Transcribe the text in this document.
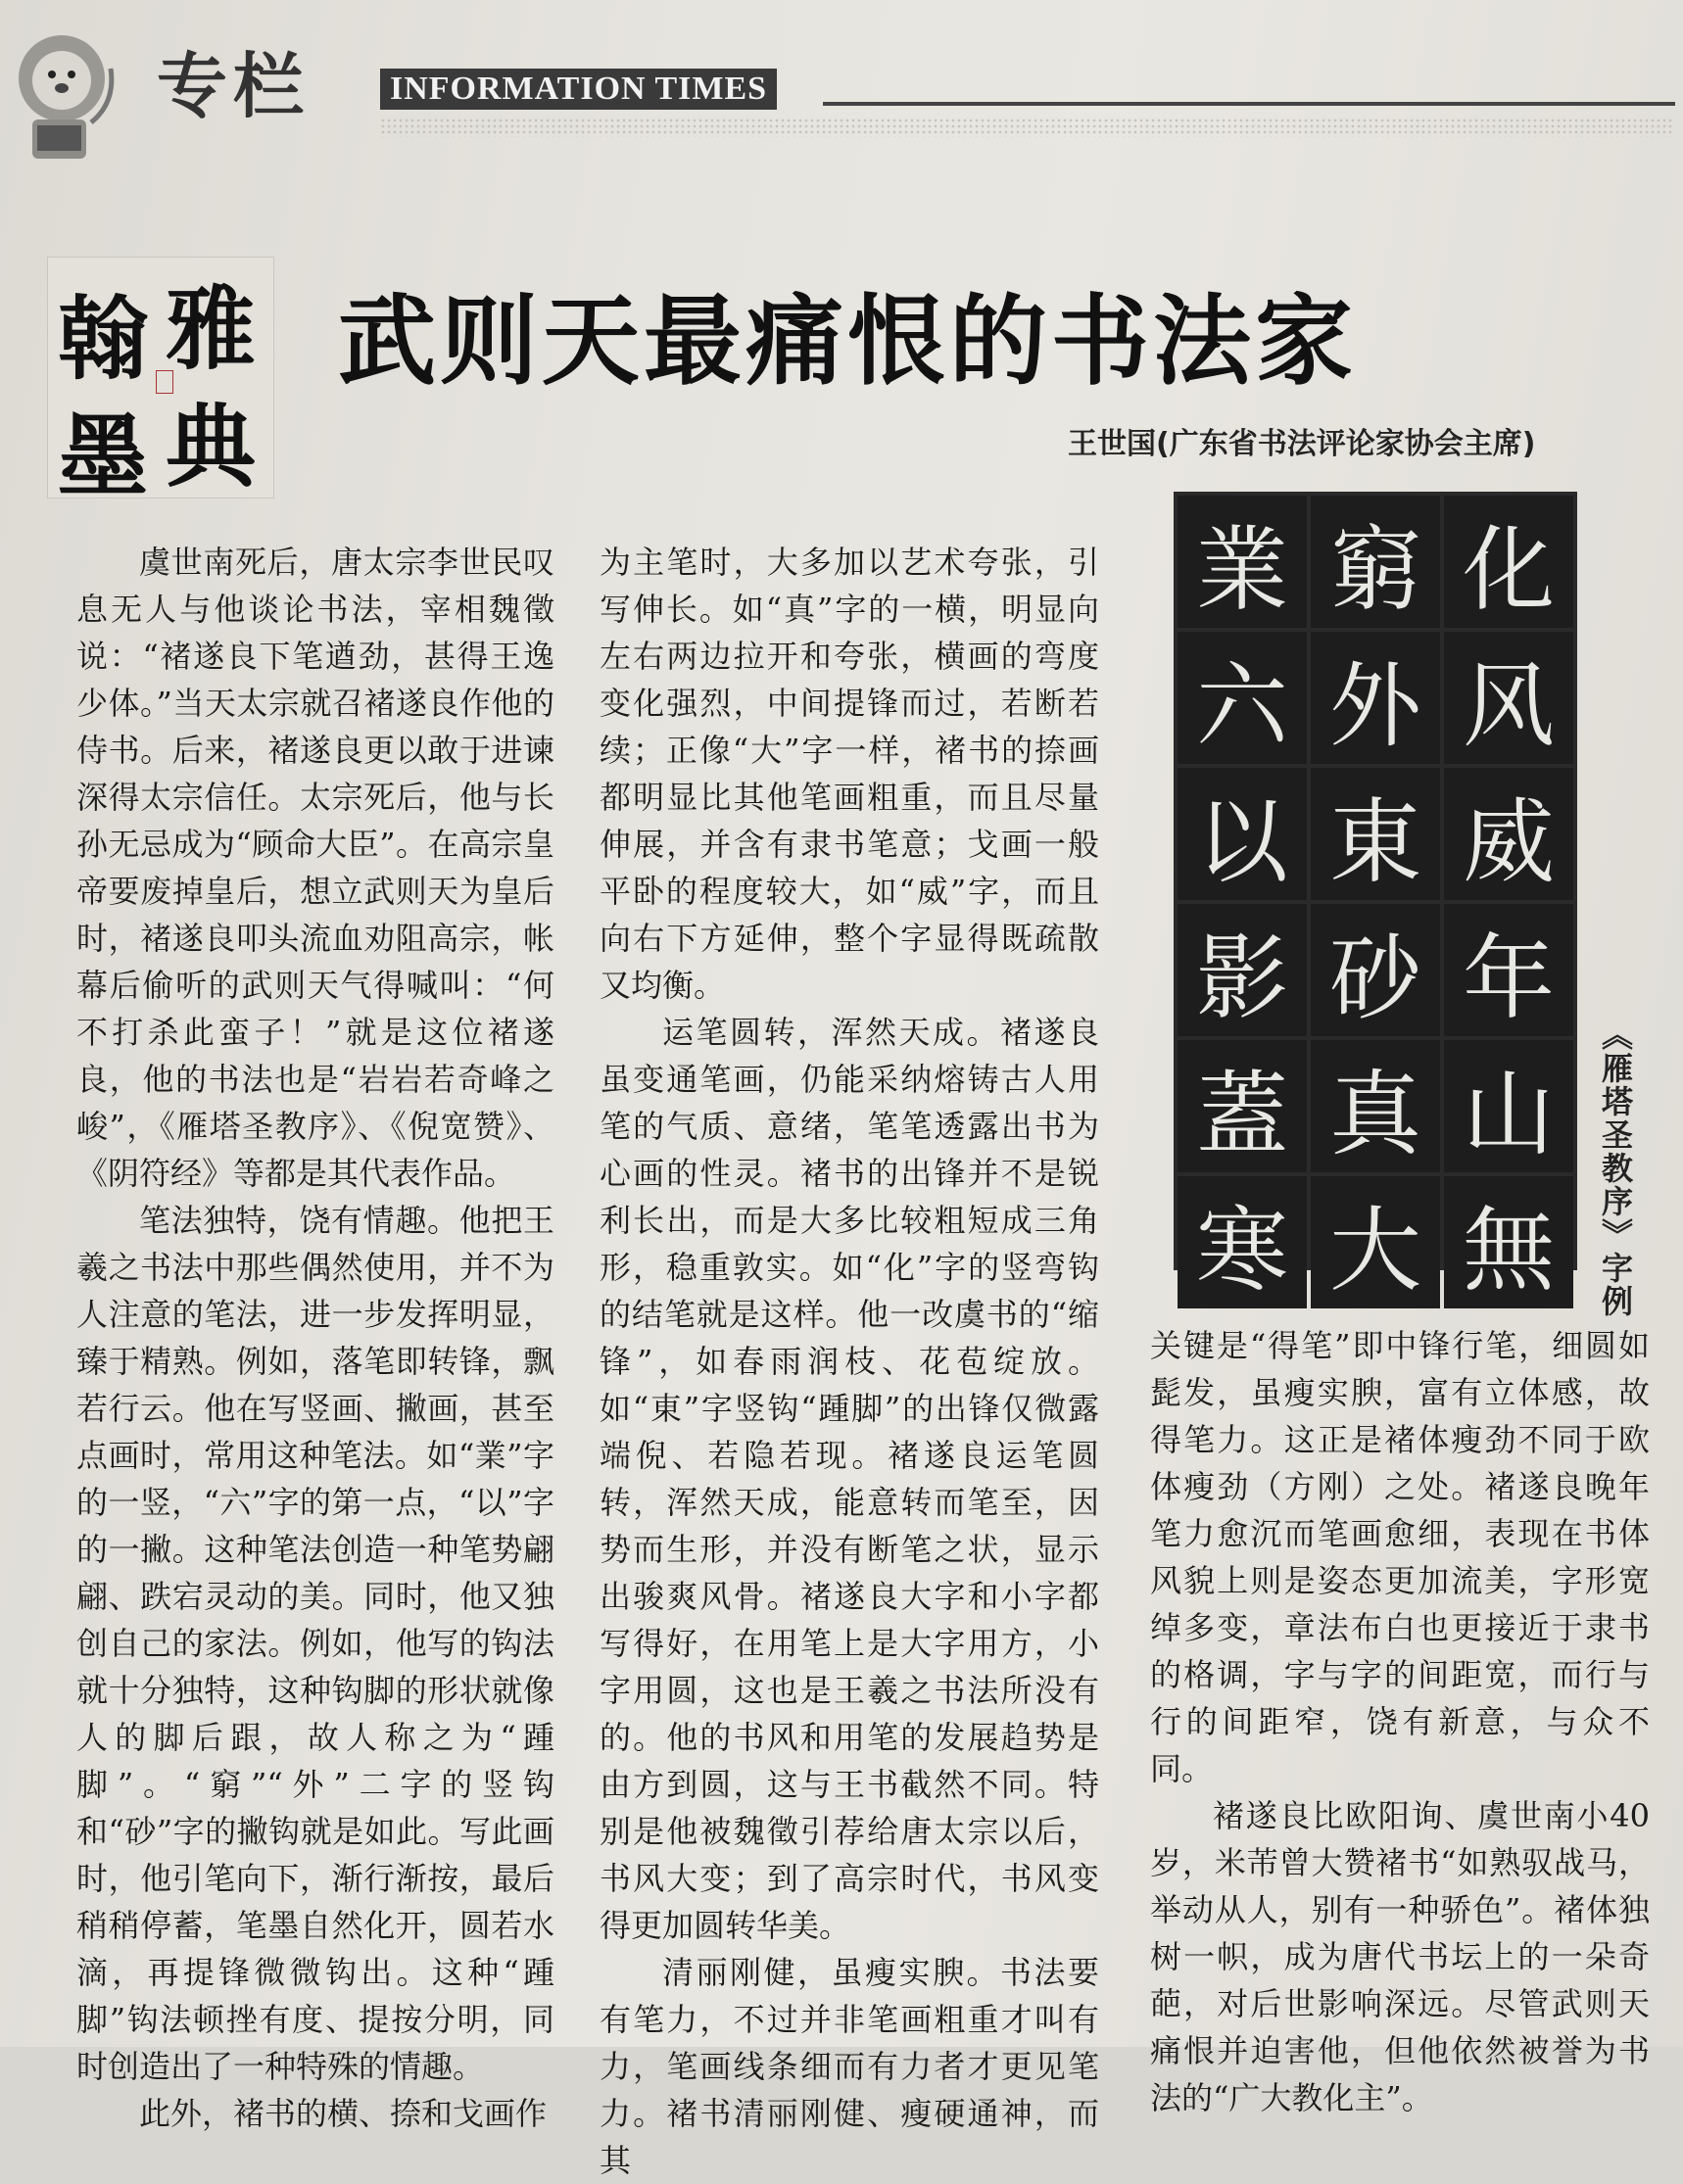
专栏 INFORMATION TIMES
雅
典
翰
墨
武则天最痛恨的书法家
王世国(广东省书法评论家协会主席)

虞世南死后，唐太宗李世民叹息无人与他谈论书法，宰相魏徵说：“褚遂良下笔遒劲，甚得王逸少体。”当天太宗就召褚遂良作他的侍书。后来，褚遂良更以敢于进谏深得太宗信任。太宗死后，他与长孙无忌成为“顾命大臣”。在高宗皇帝要废掉皇后，想立武则天为皇后时，褚遂良叩头流血劝阻高宗，帐幕后偷听的武则天气得喊叫：“何不打杀此蛮子！”就是这位褚遂良，他的书法也是“岩岩若奇峰之峻”，《雁塔圣教序》、《倪宽赞》、《阴符经》等都是其代表作品。

笔法独特，饶有情趣。他把王羲之书法中那些偶然使用，并不为人注意的笔法，进一步发挥明显，臻于精熟。例如，落笔即转锋，飘若行云。他在写竖画、撇画，甚至点画时，常用这种笔法。如“業”字的一竖，“六”字的第一点，“以”字的一撇。这种笔法创造一种笔势翩翩、跌宕灵动的美。同时，他又独创自己的家法。例如，他写的钩法就十分独特，这种钩脚的形状就像人的脚后跟，故人称之为“踵脚”。“窮”“外”二字的竖钩和“砂”字的撇钩就是如此。写此画时，他引笔向下，渐行渐按，最后稍稍停蓄，笔墨自然化开，圆若水滴，再提锋微微钩出。这种“踵脚”钩法顿挫有度、提按分明，同时创造出了一种特殊的情趣。

此外，褚书的横、捺和戈画作

为主笔时，大多加以艺术夸张，引写伸长。如“真”字的一横，明显向左右两边拉开和夸张，横画的弯度变化强烈，中间提锋而过，若断若续；正像“大”字一样，褚书的捺画都明显比其他笔画粗重，而且尽量伸展，并含有隶书笔意；戈画一般平卧的程度较大，如“威”字，而且向右下方延伸，整个字显得既疏散又均衡。

运笔圆转，浑然天成。褚遂良虽变通笔画，仍能采纳熔铸古人用笔的气质、意绪，笔笔透露出书为心画的性灵。褚书的出锋并不是锐利长出，而是大多比较粗短成三角形，稳重敦实。如“化”字的竖弯钩的结笔就是这样。他一改虞书的“缩锋”，如春雨润枝、花苞绽放。如“東”字竖钩“踵脚”的出锋仅微露端倪、若隐若现。褚遂良运笔圆转，浑然天成，能意转而笔至，因势而生形，并没有断笔之状，显示出骏爽风骨。褚遂良大字和小字都写得好，在用笔上是大字用方，小字用圆，这也是王羲之书法所没有的。他的书风和用笔的发展趋势是由方到圆，这与王书截然不同。特别是他被魏徵引荐给唐太宗以后，书风大变；到了高宗时代，书风变得更加圆转华美。

清丽刚健，虽瘦实腴。书法要有笔力，不过并非笔画粗重才叫有力，笔画线条细而有力者才更见笔力。褚书清丽刚健、瘦硬通神，而其

業 窮 化
六 外 风
以 東 威
影 砂 年
蓋 真 山
寒 大 無	《雁塔圣教序》字例

关键是“得笔”即中锋行笔，细圆如髭发，虽瘦实腴，富有立体感，故得笔力。这正是褚体瘦劲不同于欧体瘦劲（方刚）之处。褚遂良晚年笔力愈沉而笔画愈细，表现在书体风貌上则是姿态更加流美，字形宽绰多变，章法布白也更接近于隶书的格调，字与字的间距宽，而行与行的间距窄，饶有新意，与众不同。

褚遂良比欧阳询、虞世南小40岁，米芾曾大赞褚书“如熟驭战马，举动从人，别有一种骄色”。褚体独树一帜，成为唐代书坛上的一朵奇葩，对后世影响深远。尽管武则天痛恨并迫害他，但他依然被誉为书法的“广大教化主”。
